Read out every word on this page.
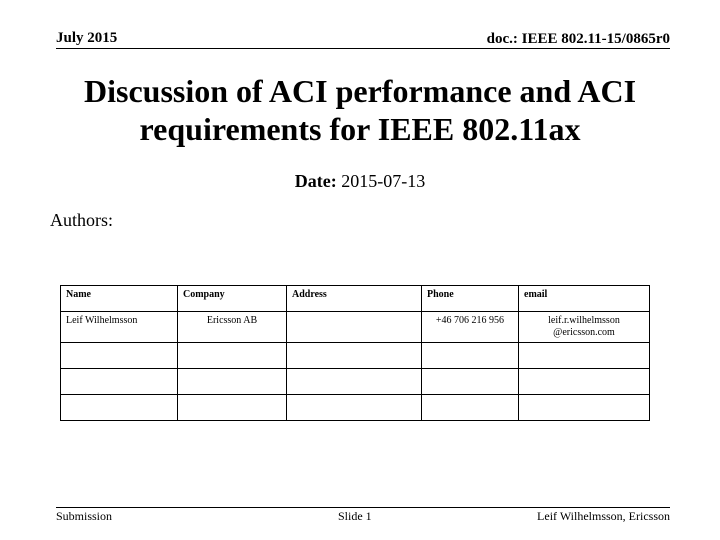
July 2015	doc.: IEEE 802.11-15/0865r0
Discussion of ACI performance and ACI
requirements for IEEE 802.11ax
Date: 2015-07-13
Authors:
Name	Company	Address	Phone	email
Leif Wilhelmsson	Ericsson AB		+46 706 216 956	leif.r.wilhelmsson @ericsson.com

Submission	Slide 1	Leif Wilhelmsson, Ericsson
